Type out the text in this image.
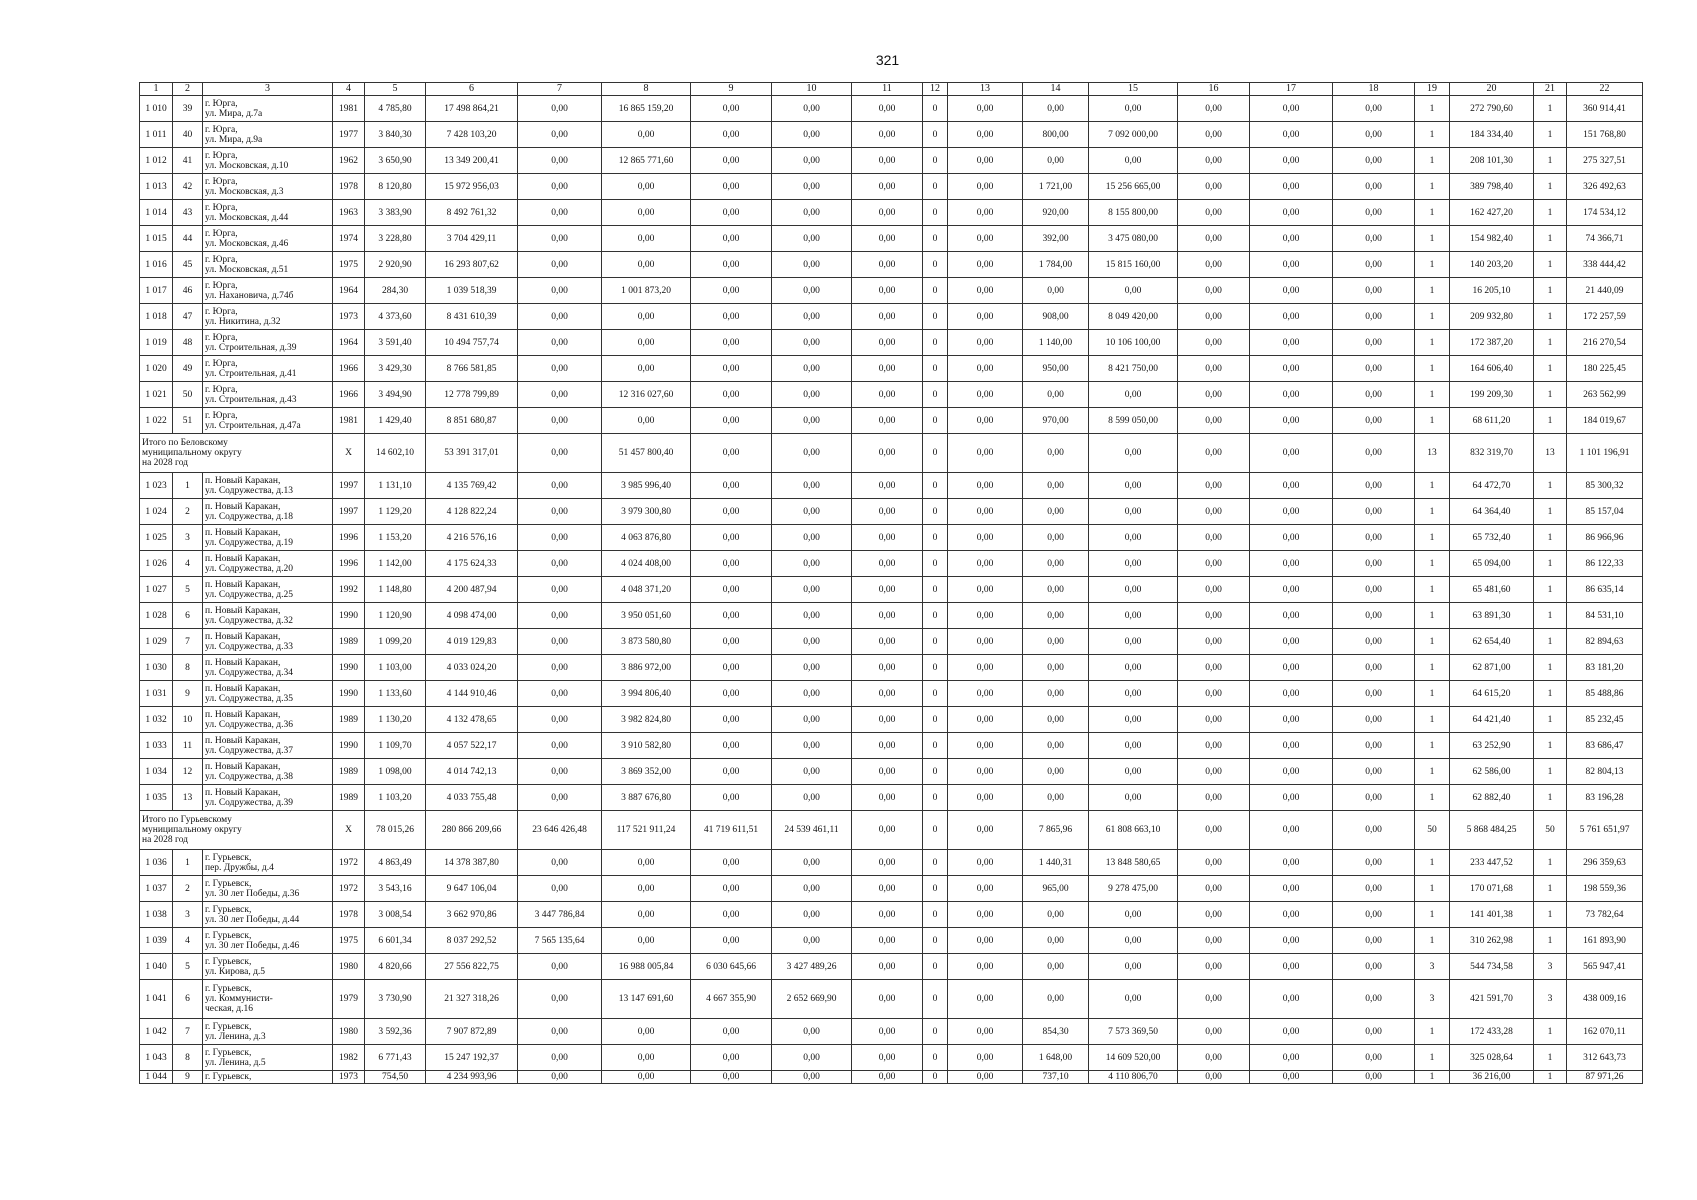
321
1	2	3	4	5	6	7	8	9	10	11	12	13	14	15	16	17	18	19	20	21	22
1 010	39	г. Юрга,
ул. Мира, д.7а	1981	4 785,80	17 498 864,21	0,00	16 865 159,20	0,00	0,00	0,00	0	0,00	0,00	0,00	0,00	0,00	0,00	1	272 790,60	1	360 914,41
1 011	40	г. Юрга,
ул. Мира, д.9а	1977	3 840,30	7 428 103,20	0,00	0,00	0,00	0,00	0,00	0	0,00	800,00	7 092 000,00	0,00	0,00	0,00	1	184 334,40	1	151 768,80
1 012	41	г. Юрга,
ул. Московская, д.10	1962	3 650,90	13 349 200,41	0,00	12 865 771,60	0,00	0,00	0,00	0	0,00	0,00	0,00	0,00	0,00	0,00	1	208 101,30	1	275 327,51
1 013	42	г. Юрга,
ул. Московская, д.3	1978	8 120,80	15 972 956,03	0,00	0,00	0,00	0,00	0,00	0	0,00	1 721,00	15 256 665,00	0,00	0,00	0,00	1	389 798,40	1	326 492,63
1 014	43	г. Юрга,
ул. Московская, д.44	1963	3 383,90	8 492 761,32	0,00	0,00	0,00	0,00	0,00	0	0,00	920,00	8 155 800,00	0,00	0,00	0,00	1	162 427,20	1	174 534,12
1 015	44	г. Юрга,
ул. Московская, д.46	1974	3 228,80	3 704 429,11	0,00	0,00	0,00	0,00	0,00	0	0,00	392,00	3 475 080,00	0,00	0,00	0,00	1	154 982,40	1	74 366,71
1 016	45	г. Юрга,
ул. Московская, д.51	1975	2 920,90	16 293 807,62	0,00	0,00	0,00	0,00	0,00	0	0,00	1 784,00	15 815 160,00	0,00	0,00	0,00	1	140 203,20	1	338 444,42
1 017	46	г. Юрга,
ул. Нахановича, д.74б	1964	284,30	1 039 518,39	0,00	1 001 873,20	0,00	0,00	0,00	0	0,00	0,00	0,00	0,00	0,00	0,00	1	16 205,10	1	21 440,09
1 018	47	г. Юрга,
ул. Никитина, д.32	1973	4 373,60	8 431 610,39	0,00	0,00	0,00	0,00	0,00	0	0,00	908,00	8 049 420,00	0,00	0,00	0,00	1	209 932,80	1	172 257,59
1 019	48	г. Юрга,
ул. Строительная, д.39	1964	3 591,40	10 494 757,74	0,00	0,00	0,00	0,00	0,00	0	0,00	1 140,00	10 106 100,00	0,00	0,00	0,00	1	172 387,20	1	216 270,54
1 020	49	г. Юрга,
ул. Строительная, д.41	1966	3 429,30	8 766 581,85	0,00	0,00	0,00	0,00	0,00	0	0,00	950,00	8 421 750,00	0,00	0,00	0,00	1	164 606,40	1	180 225,45
1 021	50	г. Юрга,
ул. Строительная, д.43	1966	3 494,90	12 778 799,89	0,00	12 316 027,60	0,00	0,00	0,00	0	0,00	0,00	0,00	0,00	0,00	0,00	1	199 209,30	1	263 562,99
1 022	51	г. Юрга,
ул. Строительная, д.47а	1981	1 429,40	8 851 680,87	0,00	0,00	0,00	0,00	0,00	0	0,00	970,00	8 599 050,00	0,00	0,00	0,00	1	68 611,20	1	184 019,67
Итого по Беловскому
муниципальному округу
на 2028 год			X	14 602,10	53 391 317,01	0,00	51 457 800,40	0,00	0,00	0,00	0	0,00	0,00	0,00	0,00	0,00	0,00	13	832 319,70	13	1 101 196,91
1 023	1	п. Новый Каракан,
ул. Содружества, д.13	1997	1 131,10	4 135 769,42	0,00	3 985 996,40	0,00	0,00	0,00	0	0,00	0,00	0,00	0,00	0,00	0,00	1	64 472,70	1	85 300,32
1 024	2	п. Новый Каракан,
ул. Содружества, д.18	1997	1 129,20	4 128 822,24	0,00	3 979 300,80	0,00	0,00	0,00	0	0,00	0,00	0,00	0,00	0,00	0,00	1	64 364,40	1	85 157,04
1 025	3	п. Новый Каракан,
ул. Содружества, д.19	1996	1 153,20	4 216 576,16	0,00	4 063 876,80	0,00	0,00	0,00	0	0,00	0,00	0,00	0,00	0,00	0,00	1	65 732,40	1	86 966,96
1 026	4	п. Новый Каракан,
ул. Содружества, д.20	1996	1 142,00	4 175 624,33	0,00	4 024 408,00	0,00	0,00	0,00	0	0,00	0,00	0,00	0,00	0,00	0,00	1	65 094,00	1	86 122,33
1 027	5	п. Новый Каракан,
ул. Содружества, д.25	1992	1 148,80	4 200 487,94	0,00	4 048 371,20	0,00	0,00	0,00	0	0,00	0,00	0,00	0,00	0,00	0,00	1	65 481,60	1	86 635,14
1 028	6	п. Новый Каракан,
ул. Содружества, д.32	1990	1 120,90	4 098 474,00	0,00	3 950 051,60	0,00	0,00	0,00	0	0,00	0,00	0,00	0,00	0,00	0,00	1	63 891,30	1	84 531,10
1 029	7	п. Новый Каракан,
ул. Содружества, д.33	1989	1 099,20	4 019 129,83	0,00	3 873 580,80	0,00	0,00	0,00	0	0,00	0,00	0,00	0,00	0,00	0,00	1	62 654,40	1	82 894,63
1 030	8	п. Новый Каракан,
ул. Содружества, д.34	1990	1 103,00	4 033 024,20	0,00	3 886 972,00	0,00	0,00	0,00	0	0,00	0,00	0,00	0,00	0,00	0,00	1	62 871,00	1	83 181,20
1 031	9	п. Новый Каракан,
ул. Содружества, д.35	1990	1 133,60	4 144 910,46	0,00	3 994 806,40	0,00	0,00	0,00	0	0,00	0,00	0,00	0,00	0,00	0,00	1	64 615,20	1	85 488,86
1 032	10	п. Новый Каракан,
ул. Содружества, д.36	1989	1 130,20	4 132 478,65	0,00	3 982 824,80	0,00	0,00	0,00	0	0,00	0,00	0,00	0,00	0,00	0,00	1	64 421,40	1	85 232,45
1 033	11	п. Новый Каракан,
ул. Содружества, д.37	1990	1 109,70	4 057 522,17	0,00	3 910 582,80	0,00	0,00	0,00	0	0,00	0,00	0,00	0,00	0,00	0,00	1	63 252,90	1	83 686,47
1 034	12	п. Новый Каракан,
ул. Содружества, д.38	1989	1 098,00	4 014 742,13	0,00	3 869 352,00	0,00	0,00	0,00	0	0,00	0,00	0,00	0,00	0,00	0,00	1	62 586,00	1	82 804,13
1 035	13	п. Новый Каракан,
ул. Содружества, д.39	1989	1 103,20	4 033 755,48	0,00	3 887 676,80	0,00	0,00	0,00	0	0,00	0,00	0,00	0,00	0,00	0,00	1	62 882,40	1	83 196,28
Итого по Гурьевскому
муниципальному округу
на 2028 год			X	78 015,26	280 866 209,66	23 646 426,48	117 521 911,24	41 719 611,51	24 539 461,11	0,00	0	0,00	7 865,96	61 808 663,10	0,00	0,00	0,00	50	5 868 484,25	50	5 761 651,97
1 036	1	г. Гурьевск,
пер. Дружбы, д.4	1972	4 863,49	14 378 387,80	0,00	0,00	0,00	0,00	0,00	0	0,00	1 440,31	13 848 580,65	0,00	0,00	0,00	1	233 447,52	1	296 359,63
1 037	2	г. Гурьевск,
ул. 30 лет Победы, д.36	1972	3 543,16	9 647 106,04	0,00	0,00	0,00	0,00	0,00	0	0,00	965,00	9 278 475,00	0,00	0,00	0,00	1	170 071,68	1	198 559,36
1 038	3	г. Гурьевск,
ул. 30 лет Победы, д.44	1978	3 008,54	3 662 970,86	3 447 786,84	0,00	0,00	0,00	0,00	0	0,00	0,00	0,00	0,00	0,00	0,00	1	141 401,38	1	73 782,64
1 039	4	г. Гурьевск,
ул. 30 лет Победы, д.46	1975	6 601,34	8 037 292,52	7 565 135,64	0,00	0,00	0,00	0,00	0	0,00	0,00	0,00	0,00	0,00	0,00	1	310 262,98	1	161 893,90
1 040	5	г. Гурьевск,
ул. Кирова, д.5	1980	4 820,66	27 556 822,75	0,00	16 988 005,84	6 030 645,66	3 427 489,26	0,00	0	0,00	0,00	0,00	0,00	0,00	0,00	3	544 734,58	3	565 947,41
1 041	6	г. Гурьевск,
ул. Коммунисти-
ческая, д.16	1979	3 730,90	21 327 318,26	0,00	13 147 691,60	4 667 355,90	2 652 669,90	0,00	0	0,00	0,00	0,00	0,00	0,00	0,00	3	421 591,70	3	438 009,16
1 042	7	г. Гурьевск,
ул. Ленина, д.3	1980	3 592,36	7 907 872,89	0,00	0,00	0,00	0,00	0,00	0	0,00	854,30	7 573 369,50	0,00	0,00	0,00	1	172 433,28	1	162 070,11
1 043	8	г. Гурьевск,
ул. Ленина, д.5	1982	6 771,43	15 247 192,37	0,00	0,00	0,00	0,00	0,00	0	0,00	1 648,00	14 609 520,00	0,00	0,00	0,00	1	325 028,64	1	312 643,73
1 044	9	г. Гурьевск,	1973	754,50	4 234 993,96	0,00	0,00	0,00	0,00	0,00	0	0,00	737,10	4 110 806,70	0,00	0,00	0,00	1	36 216,00	1	87 971,26
